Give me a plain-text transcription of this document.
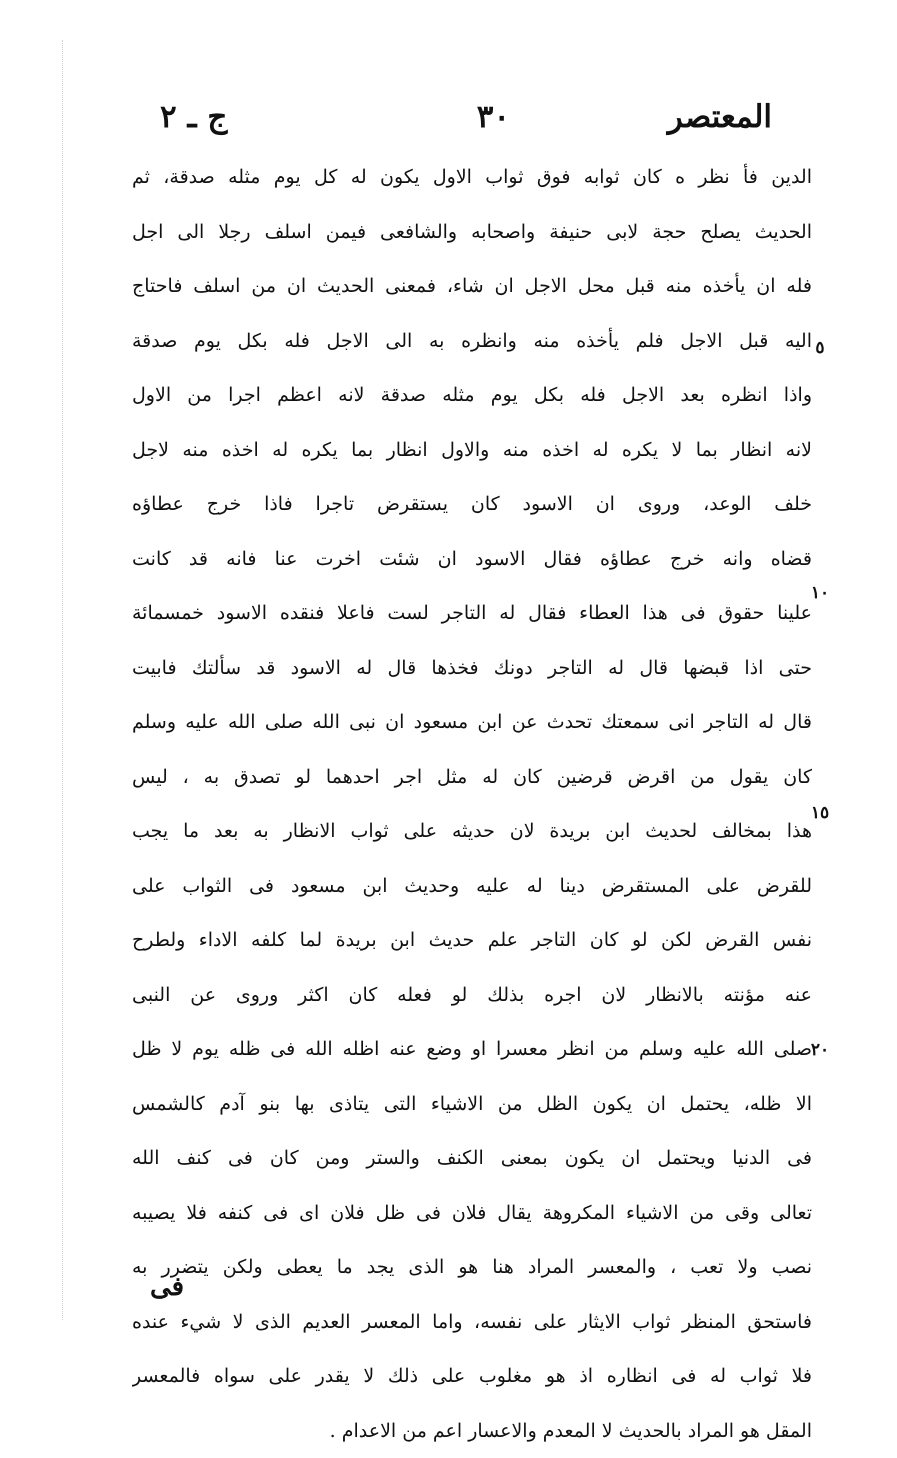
المعتصر
٣٠
ج ـ ٢
الدين فأ نظر ه كان ثوابه فوق ثواب الاول يكون له كل يوم مثله صدقة، ثم
الحديث يصلح حجة لابى حنيفة واصحابه والشافعى فيمن اسلف رجلا الى اجل
فله ان يأخذه منه قبل محل الاجل ان شاء، فمعنى الحديث ان من اسلف فاحتاج
اليه قبل الاجل فلم يأخذه منه وانظره به الى الاجل فله بكل يوم صدقة
واذا انظره بعد الاجل فله بكل يوم مثله صدقة لانه اعظم اجرا من الاول
لانه انظار بما لا يكره له اخذه منه والاول انظار بما يكره له اخذه منه لاجل
خلف الوعد، وروى ان الاسود كان يستقرض تاجرا فاذا خرج عطاؤه
قضاه وانه خرج عطاؤه فقال الاسود ان شئت اخرت عنا فانه قد كانت
علينا حقوق فى هذا العطاء فقال له التاجر لست فاعلا فنقده الاسود خمسمائة
حتى اذا قبضها قال له التاجر دونك فخذها قال له الاسود قد سألتك فابيت
قال له التاجر انى سمعتك تحدث عن ابن مسعود ان نبى الله صلى الله عليه وسلم
كان يقول من اقرض قرضين كان له مثل اجر احدهما لو تصدق به ، ليس
هذا بمخالف لحديث ابن بريدة لان حديثه على ثواب الانظار به بعد ما يجب
للقرض على المستقرض دينا له عليه وحديث ابن مسعود فى الثواب على
نفس القرض لكن لو كان التاجر علم حديث ابن بريدة لما كلفه الاداء ولطرح
عنه مؤنته بالانظار لان اجره بذلك لو فعله كان اكثر وروى عن النبى
صلى الله عليه وسلم من انظر معسرا او وضع عنه اظله الله فى ظله يوم لا ظل
الا ظله، يحتمل ان يكون الظل من الاشياء التى يتاذى بها بنو آدم كالشمس
فى الدنيا ويحتمل ان يكون بمعنى الكنف والستر ومن كان فى كنف الله
تعالى وقى من الاشياء المكروهة يقال فلان فى ظل فلان اى فى كنفه فلا يصيبه
نصب ولا تعب ، والمعسر المراد هنا هو الذى يجد ما يعطى ولكن يتضرر به
فاستحق المنظر ثواب الايثار على نفسه، واما المعسر العديم الذى لا شيء عنده
فلا ثواب له فى انظاره اذ هو مغلوب على ذلك لا يقدر على سواه فالمعسر
المقل هو المراد بالحديث لا المعدم والاعسار اعم من الاعدام .
٥
١٠
١٥
٢٠
فى
